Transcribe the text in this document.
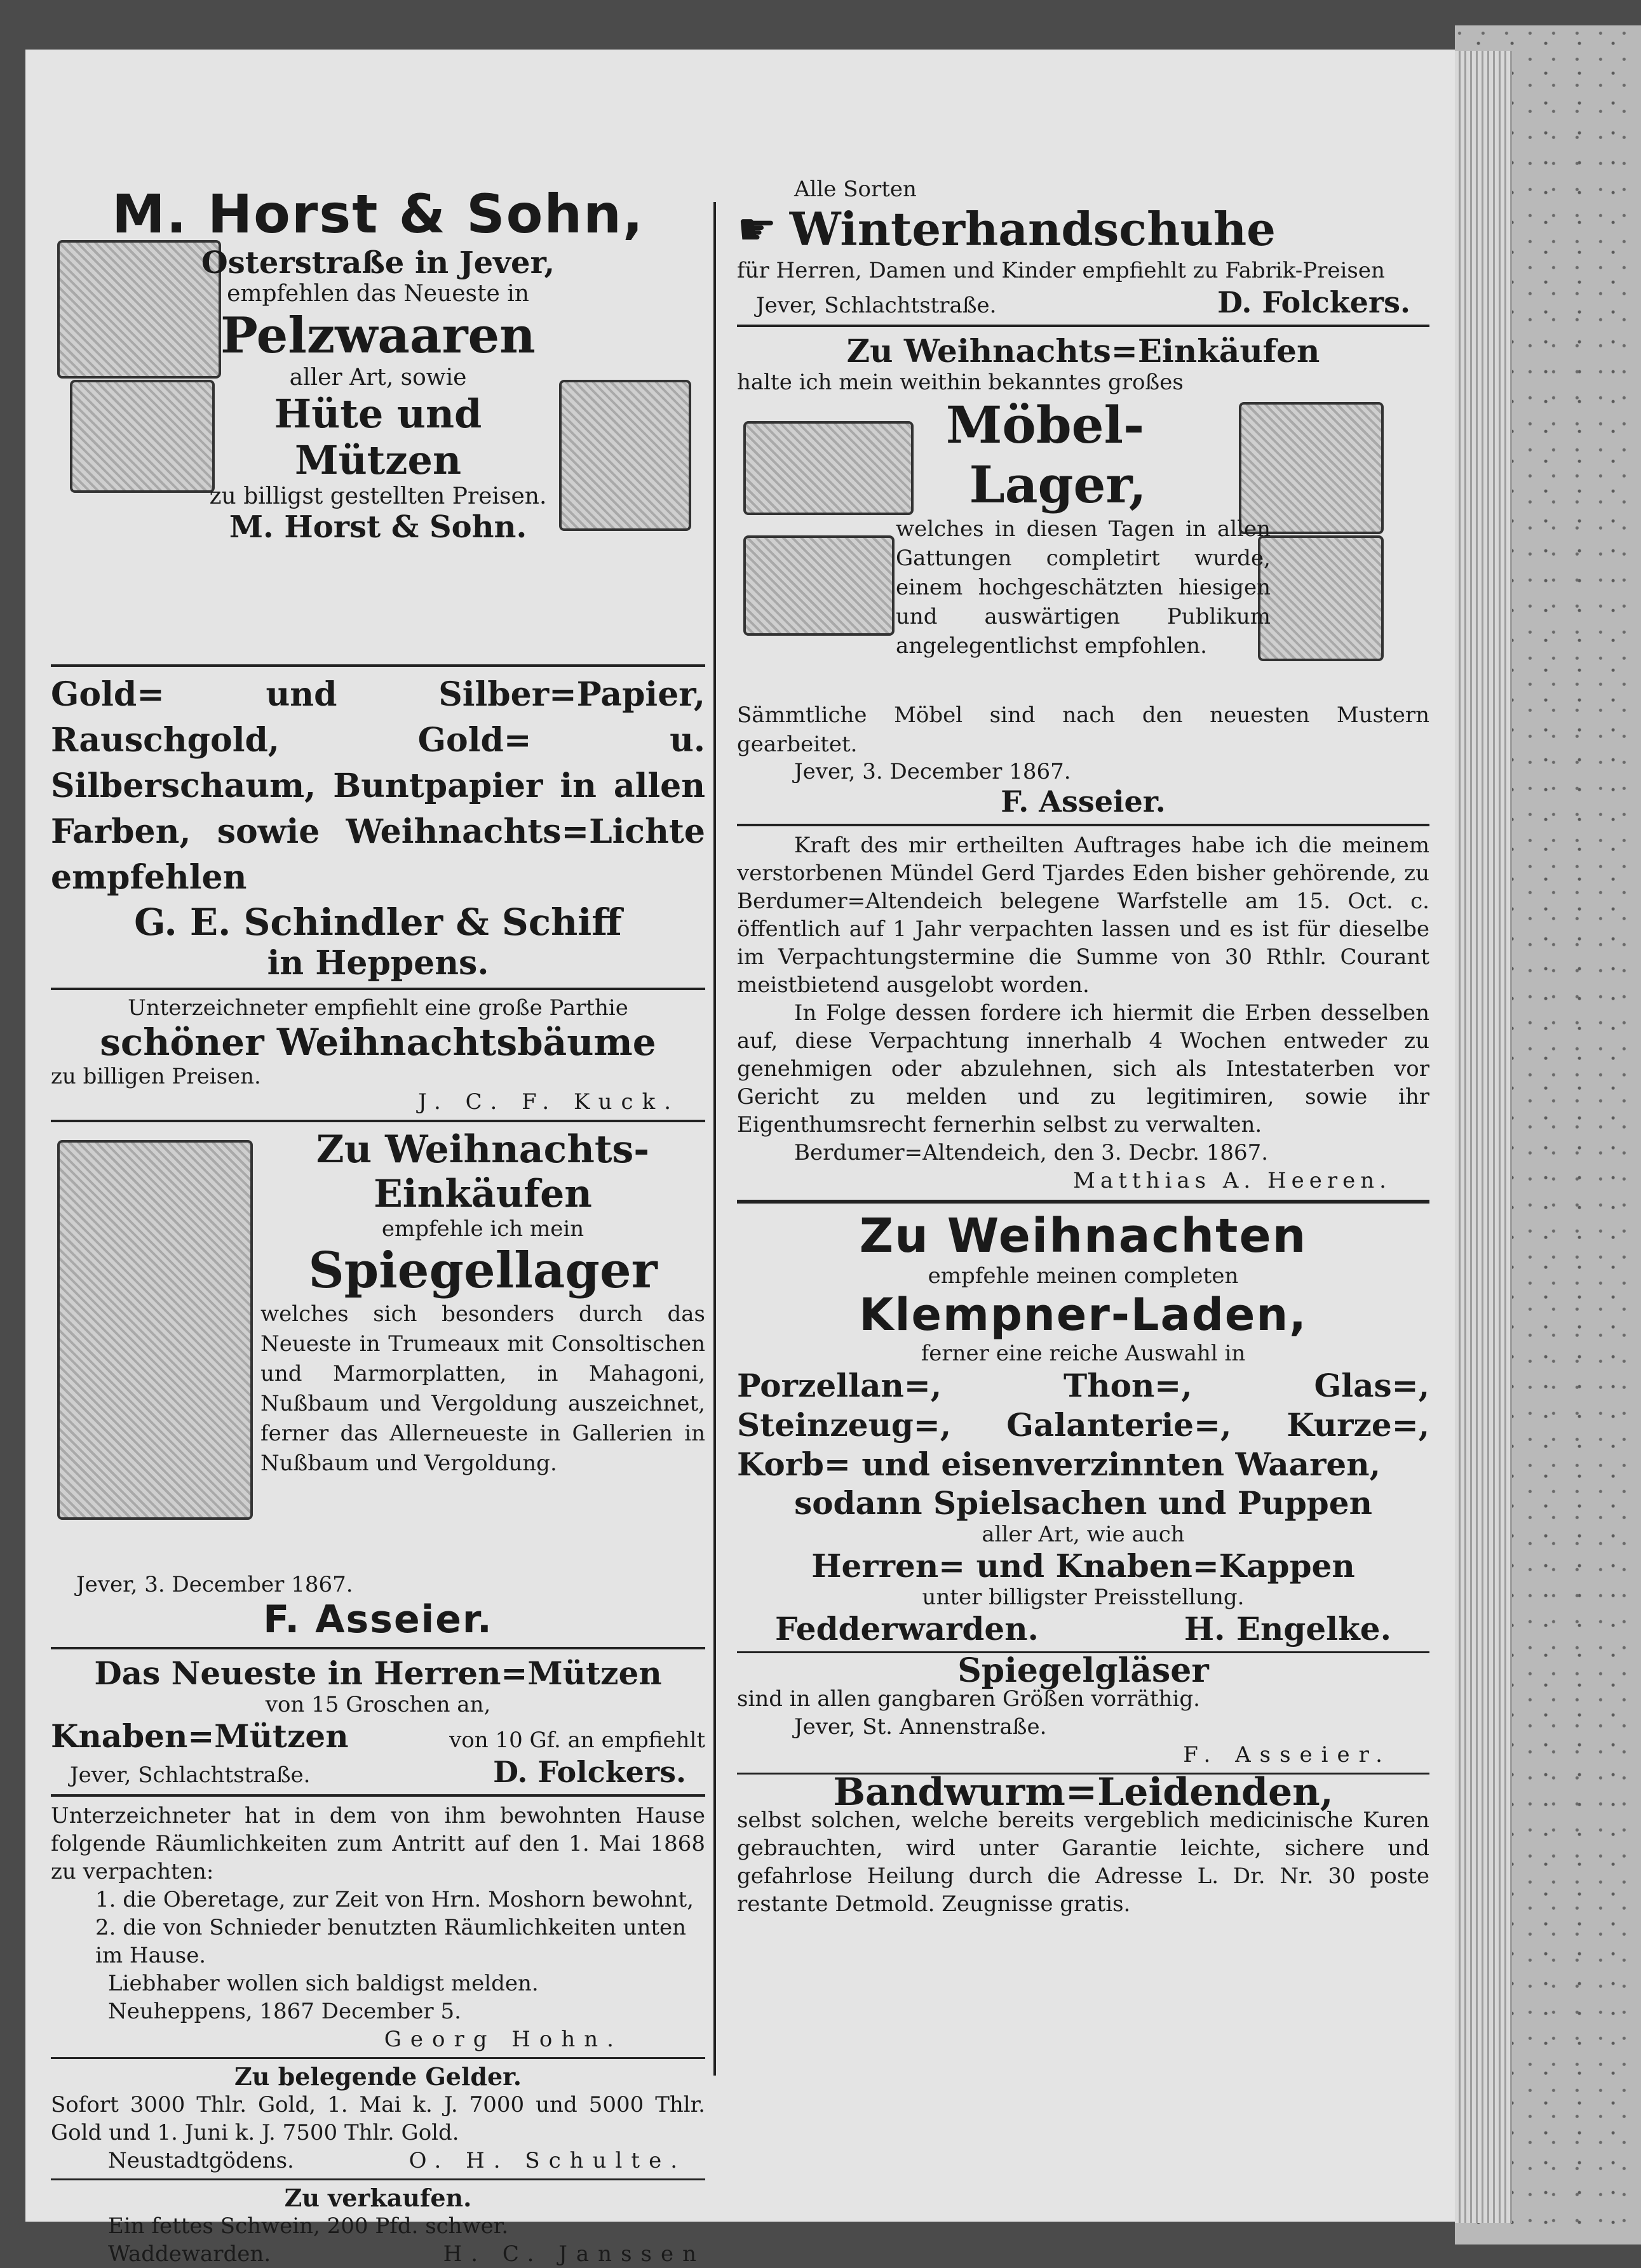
M. Horst & Sohn,

Osterstraße in Jever,

empfehlen das Neueste in

Pelzwaaren

aller Art, sowie

Hüte und

Mützen

zu billigst gestellten Preisen.

M. Horst & Sohn.

Gold= und Silber=Papier, Rauschgold, Gold= u. Silberschaum, Buntpapier in allen Farben, sowie Weihnachts=Lichte empfehlen

G. E. Schindler & Schiff

in Heppens.

Unterzeichneter empfiehlt eine große Parthie

schöner Weihnachtsbäume

zu billigen Preisen.

J. C. F. Kuck.

Zu Weihnachts-

Einkäufen

empfehle ich mein

Spiegellager

welches sich besonders durch das Neueste in Trumeaux mit Consoltischen und Marmorplatten, in Mahagoni, Nußbaum und Vergoldung auszeichnet, ferner das Allerneueste in Gallerien in Nußbaum und Vergoldung.

Jever, 3. December 1867.

F. Asseier.

Das Neueste in Herren=Mützen

von 15 Groschen an,

Knaben=Mützen	von 10 Gf. an empfiehlt

Jever, Schlachtstraße.	D. Folckers.

Unterzeichneter hat in dem von ihm bewohnten Hause folgende Räumlichkeiten zum Antritt auf den 1. Mai 1868 zu verpachten:

1. die Oberetage, zur Zeit von Hrn. Moshorn bewohnt,

2. die von Schnieder benutzten Räumlichkeiten unten im Hause.

Liebhaber wollen sich baldigst melden.

Neuheppens, 1867 December 5.

Georg Hohn.

Zu belegende Gelder.

Sofort 3000 Thlr. Gold, 1. Mai k. J. 7000 und 5000 Thlr. Gold und 1. Juni k. J. 7500 Thlr. Gold.

Neustadtgödens.	O. H. Schulte.

Zu verkaufen.

Ein fettes Schwein, 200 Pfd. schwer.

Waddewarden.	H. C. Janssen

Alle Sorten

☛ Winterhandschuhe

für Herren, Damen und Kinder empfiehlt zu Fabrik-Preisen

Jever, Schlachtstraße.	D. Folckers.

Zu Weihnachts=Einkäufen

halte ich mein weithin bekanntes großes

Möbel-

Lager,

welches in diesen Tagen in allen Gattungen completirt wurde, einem hochgeschätzten hiesigen und auswärtigen Publikum angelegentlichst empfohlen.

Sämmtliche Möbel sind nach den neuesten Mustern gearbeitet.

Jever, 3. December 1867.

F. Asseier.

Kraft des mir ertheilten Auftrages habe ich die meinem verstorbenen Mündel Gerd Tjardes Eden bisher gehörende, zu Berdumer=Altendeich belegene Warfstelle am 15. Oct. c. öffentlich auf 1 Jahr verpachten lassen und es ist für dieselbe im Verpachtungstermine die Summe von 30 Rthlr. Courant meistbietend ausgelobt worden.

In Folge dessen fordere ich hiermit die Erben desselben auf, diese Verpachtung innerhalb 4 Wochen entweder zu genehmigen oder abzulehnen, sich als Intestaterben vor Gericht zu melden und zu legitimiren, sowie ihr Eigenthumsrecht fernerhin selbst zu verwalten.

Berdumer=Altendeich, den 3. Decbr. 1867.

Matthias A. Heeren.

Zu Weihnachten

empfehle meinen completen

Klempner-Laden,

ferner eine reiche Auswahl in

Porzellan=, Thon=, Glas=, Steinzeug=, Galanterie=, Kurze=, Korb= und eisenverzinnten Waaren,

sodann Spielsachen und Puppen

aller Art, wie auch

Herren= und Knaben=Kappen

unter billigster Preisstellung.

Fedderwarden.	H. Engelke.

Spiegelgläser

sind in allen gangbaren Größen vorräthig.

Jever, St. Annenstraße.

F. Asseier.

Bandwurm=Leidenden,

selbst solchen, welche bereits vergeblich medicinische Kuren gebrauchten, wird unter Garantie leichte, sichere und gefahrlose Heilung durch die Adresse L. Dr. Nr. 30 poste restante Detmold. Zeugnisse gratis.
